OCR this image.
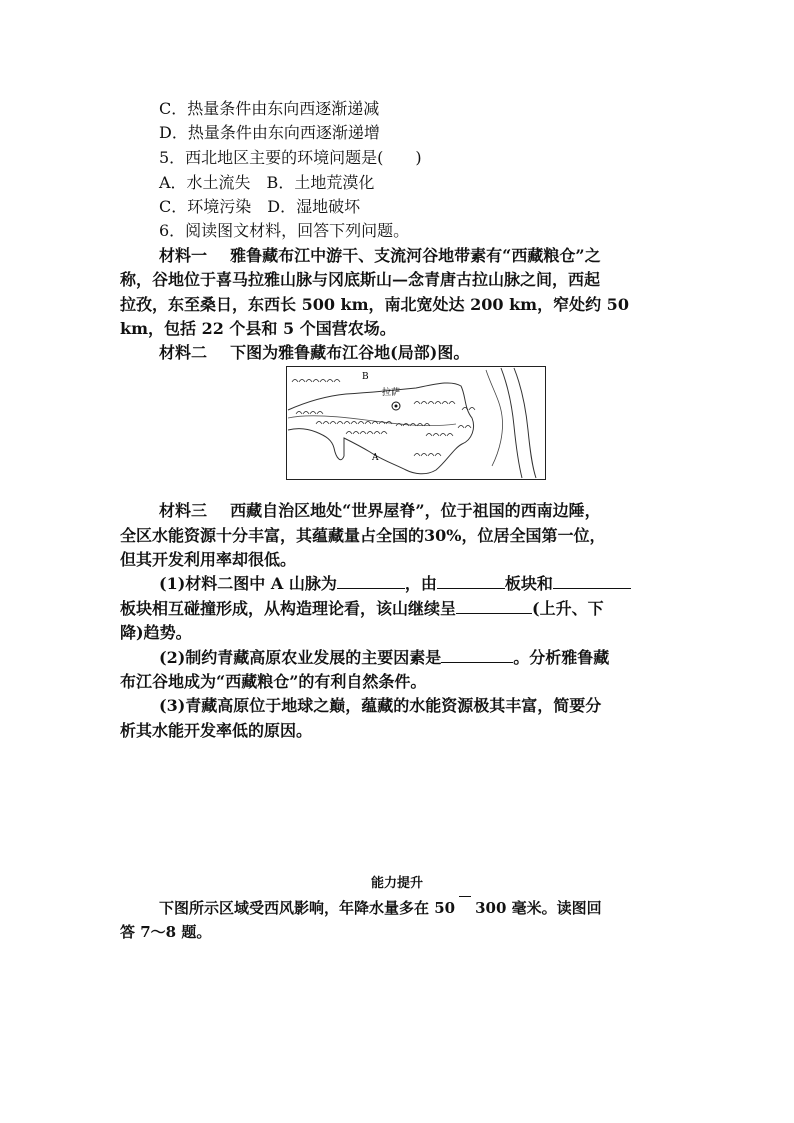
C．热量条件由东向西逐渐递减
D．热量条件由东向西逐渐递增
5．西北地区主要的环境问题是(　　)
A．水土流失　B．土地荒漠化
C．环境污染　D．湿地破坏
6．阅读图文材料，回答下列问题。
材料一 雅鲁藏布江中游干、支流河谷地带素有“西藏粮仓”之
称，谷地位于喜马拉雅山脉与冈底斯山—念青唐古拉山脉之间，西起
拉孜，东至桑日，东西长 500 km，南北宽处达 200 km，窄处约 50
km，包括 22 个县和 5 个国营农场。
材料二 下图为雅鲁藏布江谷地(局部)图。
拉萨
B
A
材料三 西藏自治区地处“世界屋脊”，位于祖国的西南边陲，
全区水能资源十分丰富，其蕴藏量占全国的30%，位居全国第一位，
但其开发利用率却很低。
(1)材料二图中 A 山脉为	，由	板块和
板块相互碰撞形成，从构造理论看，该山继续呈	(上升、下
降)趋势。
(2)制约青藏高原农业发展的主要因素是	。分析雅鲁藏
布江谷地成为“西藏粮仓”的有利自然条件。
(3)青藏高原位于地球之巅，蕴藏的水能资源极其丰富，简要分
析其水能开发率低的原因。
能力提升
下图所示区域受西风影响，年降水量多在 50 300 毫米。读图回
答 7～8 题。
